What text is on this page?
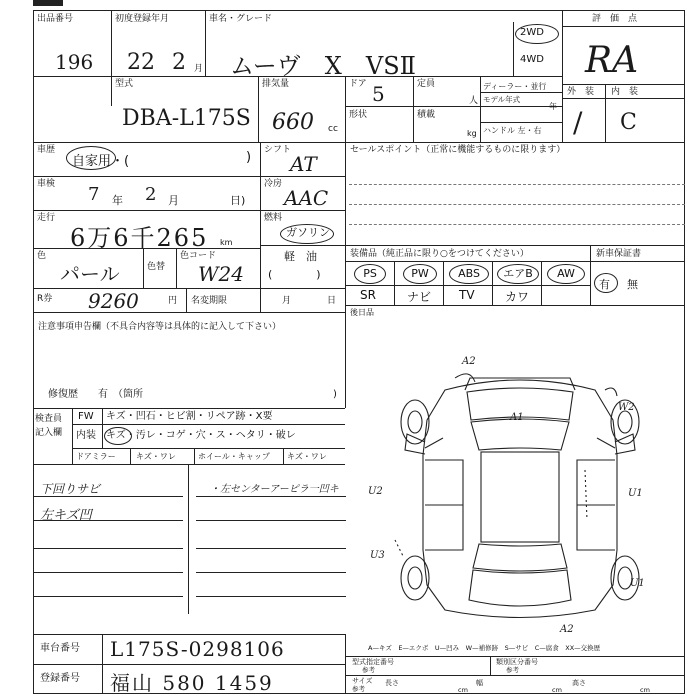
出品番号
196
初度登録年月
22 2 月
車名・グレード
ムーヴ　X　VSⅡ
2WD
4WD
評　価　点
RA
外　装 内　装
/ C
型式
DBA-L175S
排気量
660 cc
ドア 5	定員
人
ディーラー・並行
モデル年式
年
形状	積載
kg ハンドル 左・右
車歴
自家用・(	)
車検 7 年 2 月	日)
走行
6万6千265 km
色
パール	色替
色コード
W24
R券 9260	円 名変期限	月	日
シフト
AT
冷房
AAC
燃料
ガソリン
軽　油
(　　　　)
セールスポイント（正常に機能するものに限ります）
装備品（純正品に限り○をつけてください）	新車保証書
PS	PW	ABS	エアB	AW
SR	ナビ TV	カワ
有 無
後日品
注意事項申告欄（不具合内容等は具体的に記入して下さい）
修復歴　　有　（箇所	)
検査員
記入欄
FW キズ・凹石・ヒビ割・リペア跡・X要
内装 キズ・汚レ・コゲ・穴・ス・ヘタリ・破レ
ドアミラー	キズ・ワレ	ホイール・キャップ キズ・ワレ
下回りサビ
左キズ凹
・左センターアーピラ一凹キ
A2
A1
W2
U2	U1
U3
U1
A2
A—キズ　E—エクボ　U—凹み　W—補修跡　S—サビ　C—腐食　XX—交換歴
車台番号 L175S-0298106
登録番号 福山 580 1459
型式指定番号
参考
類別区分番号
参考
サイズ
参考
長さ
cm
幅
cm
高さ
cm
